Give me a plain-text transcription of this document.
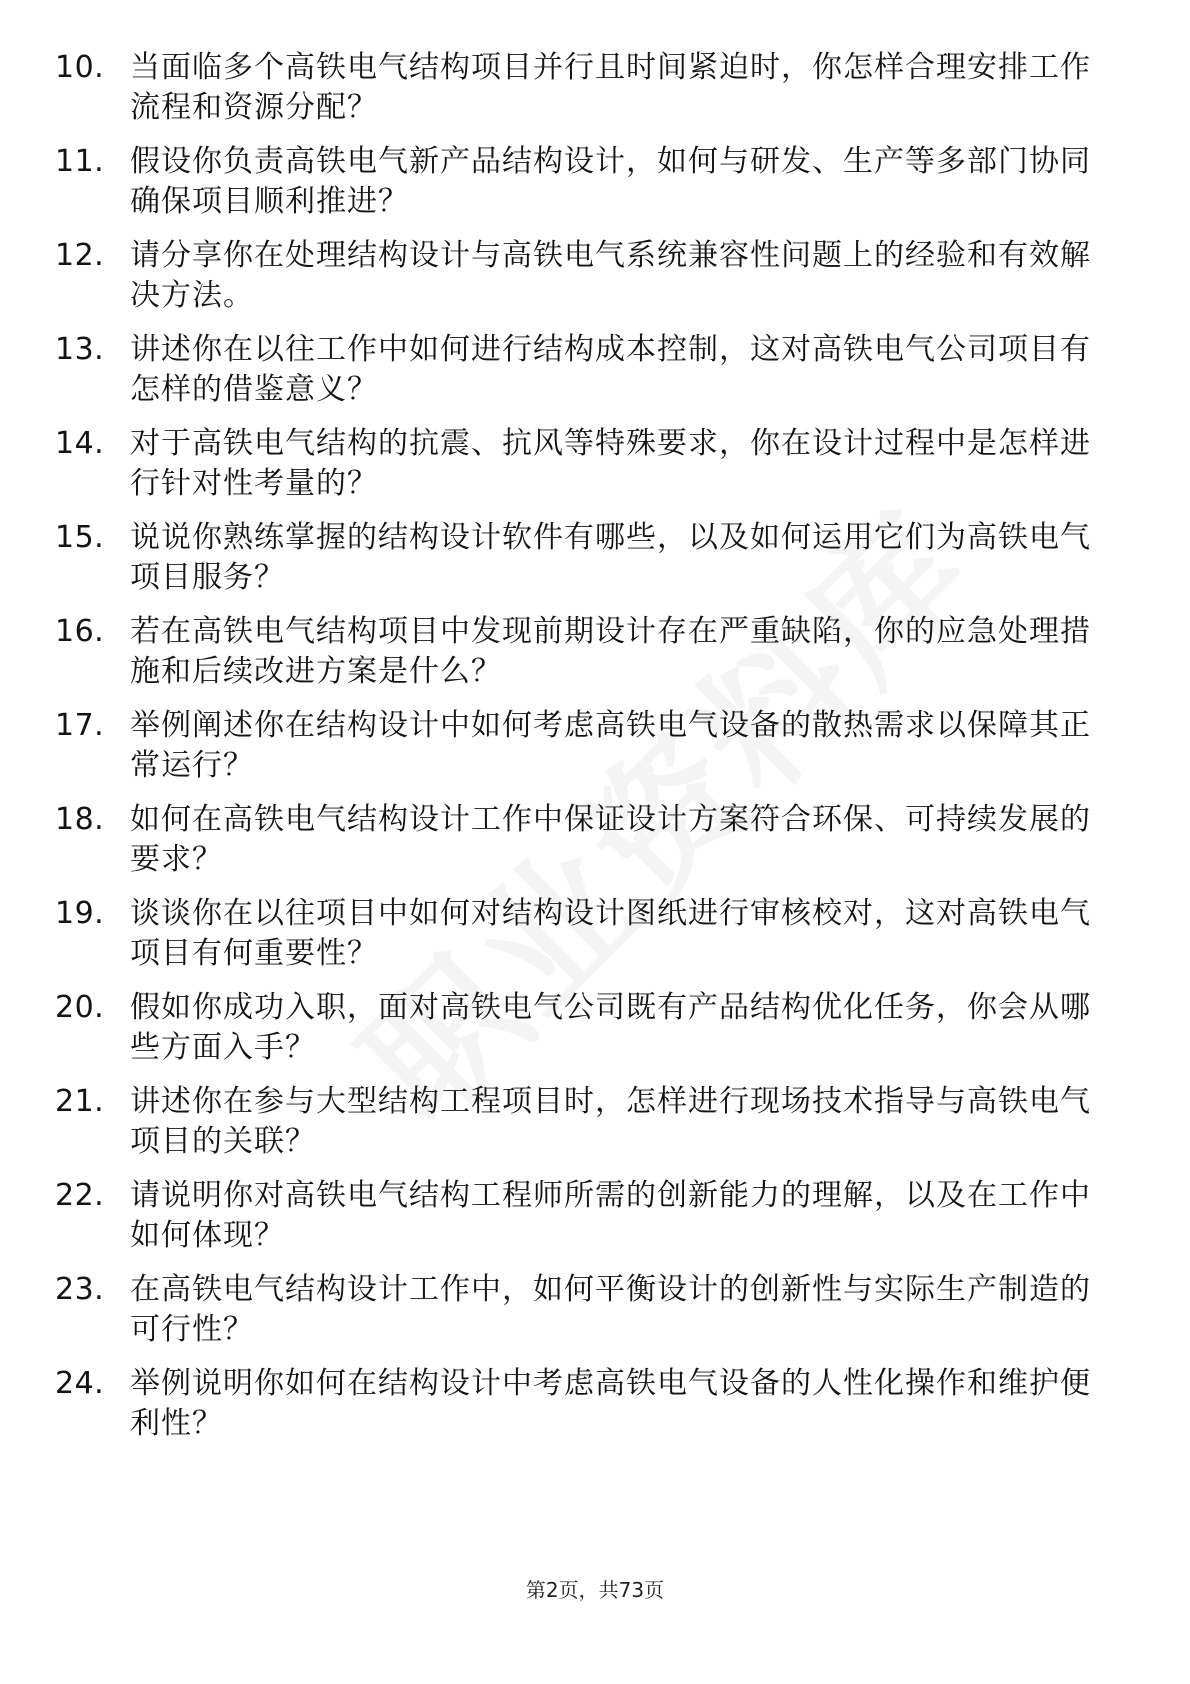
10. 当面临多个高铁电气结构项目并行且时间紧迫时，你怎样合理安排工作流程和资源分配？
11. 假设你负责高铁电气新产品结构设计，如何与研发、生产等多部门协同确保项目顺利推进？
12. 请分享你在处理结构设计与高铁电气系统兼容性问题上的经验和有效解决方法。
13. 讲述你在以往工作中如何进行结构成本控制，这对高铁电气公司项目有怎样的借鉴意义？
14. 对于高铁电气结构的抗震、抗风等特殊要求，你在设计过程中是怎样进行针对性考量的？
15. 说说你熟练掌握的结构设计软件有哪些，以及如何运用它们为高铁电气项目服务？
16. 若在高铁电气结构项目中发现前期设计存在严重缺陷，你的应急处理措施和后续改进方案是什么？
17. 举例阐述你在结构设计中如何考虑高铁电气设备的散热需求以保障其正常运行？
18. 如何在高铁电气结构设计工作中保证设计方案符合环保、可持续发展的要求？
19. 谈谈你在以往项目中如何对结构设计图纸进行审核校对，这对高铁电气项目有何重要性？
20. 假如你成功入职，面对高铁电气公司既有产品结构优化任务，你会从哪些方面入手？
21. 讲述你在参与大型结构工程项目时，怎样进行现场技术指导与高铁电气项目的关联？
22. 请说明你对高铁电气结构工程师所需的创新能力的理解，以及在工作中如何体现？
23. 在高铁电气结构设计工作中，如何平衡设计的创新性与实际生产制造的可行性？
24. 举例说明你如何在结构设计中考虑高铁电气设备的人性化操作和维护便利性？
第2页，共73页
